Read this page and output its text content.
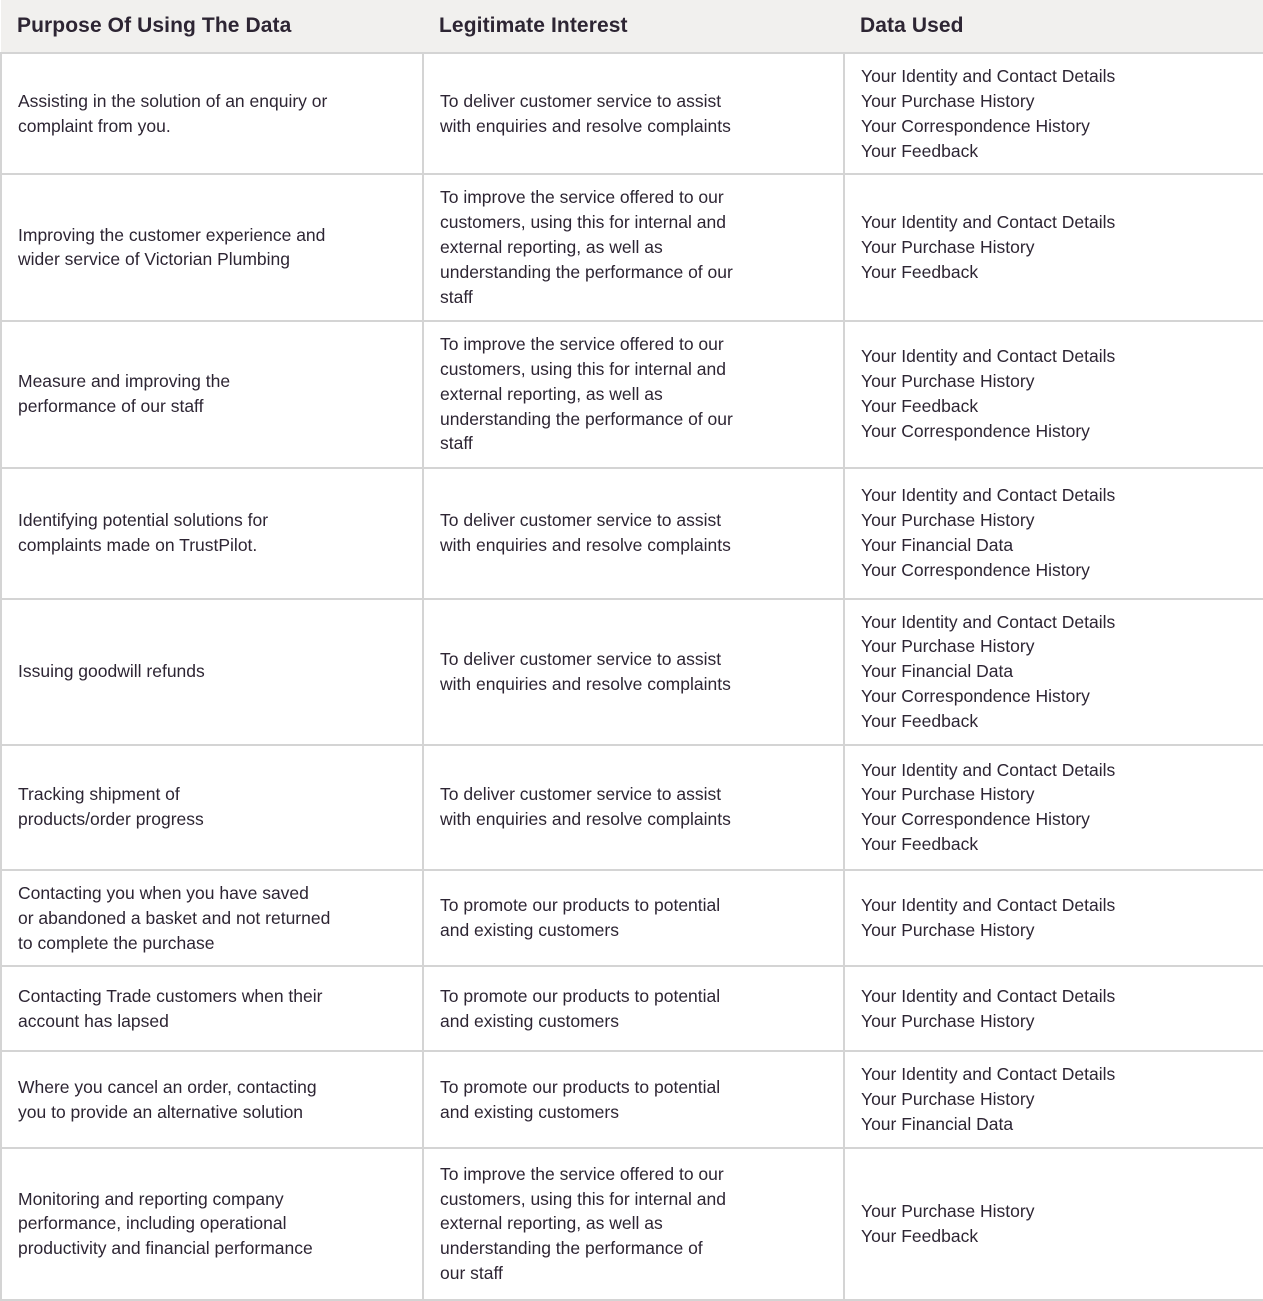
Purpose Of Using The Data	Legitimate Interest	Data Used

Assisting in the solution of an enquiry or
complaint from you.	To deliver customer service to assist
with enquiries and resolve complaints	Your Identity and Contact Details
Your Purchase History
Your Correspondence History
Your Feedback

Improving the customer experience and
wider service of Victorian Plumbing	To improve the service offered to our
customers, using this for internal and
external reporting, as well as
understanding the performance of our
staff	Your Identity and Contact Details
Your Purchase History
Your Feedback

Measure and improving the
performance of our staff	To improve the service offered to our
customers, using this for internal and
external reporting, as well as
understanding the performance of our
staff	Your Identity and Contact Details
Your Purchase History
Your Feedback
Your Correspondence History

Identifying potential solutions for
complaints made on TrustPilot.	To deliver customer service to assist
with enquiries and resolve complaints	Your Identity and Contact Details
Your Purchase History
Your Financial Data
Your Correspondence History

Issuing goodwill refunds	To deliver customer service to assist
with enquiries and resolve complaints	Your Identity and Contact Details
Your Purchase History
Your Financial Data
Your Correspondence History
Your Feedback

Tracking shipment of
products/order progress	To deliver customer service to assist
with enquiries and resolve complaints	Your Identity and Contact Details
Your Purchase History
Your Correspondence History
Your Feedback

Contacting you when you have saved
or abandoned a basket and not returned
to complete the purchase	To promote our products to potential
and existing customers	Your Identity and Contact Details
Your Purchase History

Contacting Trade customers when their
account has lapsed	To promote our products to potential
and existing customers	Your Identity and Contact Details
Your Purchase History

Where you cancel an order, contacting
you to provide an alternative solution	To promote our products to potential
and existing customers	Your Identity and Contact Details
Your Purchase History
Your Financial Data

Monitoring and reporting company
performance, including operational
productivity and financial performance	To improve the service offered to our
customers, using this for internal and
external reporting, as well as
understanding the performance of
our staff	Your Purchase History
Your Feedback
